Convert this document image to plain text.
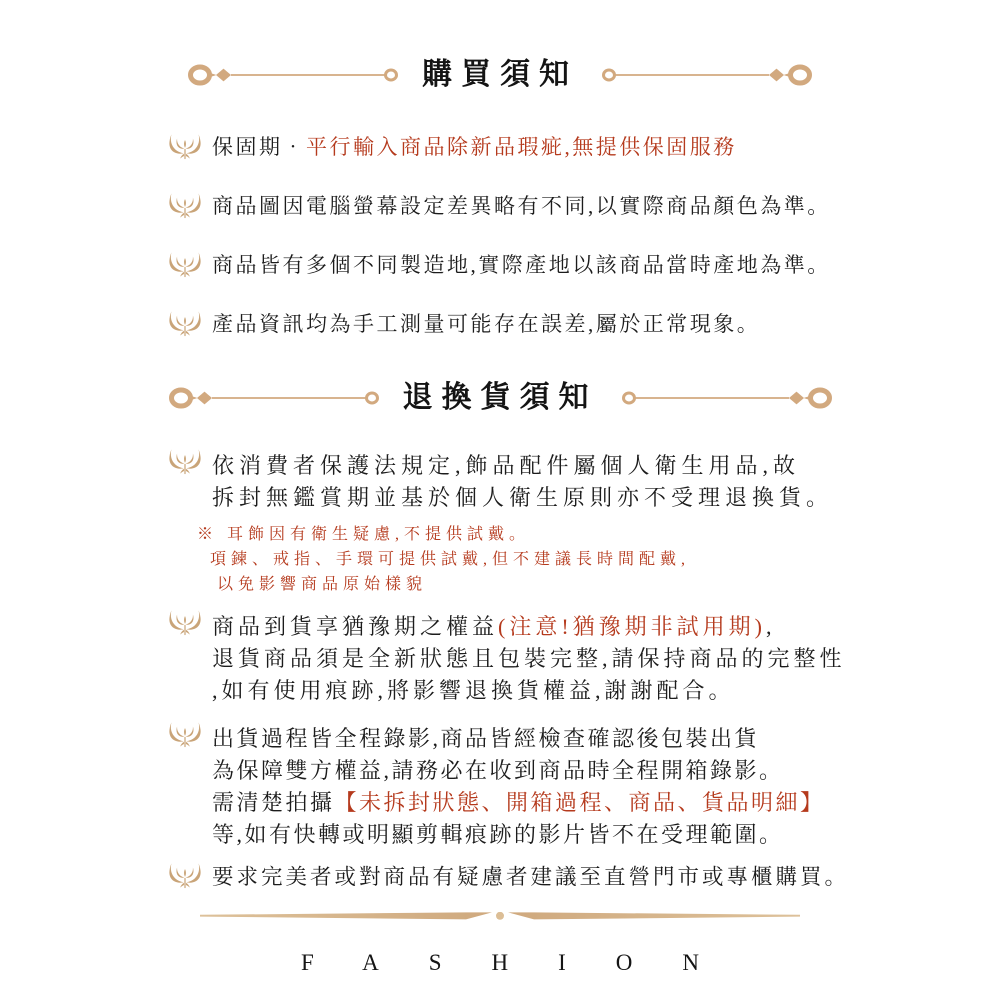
購買須知
保固期‧平行輸入商品除新品瑕疵,無提供保固服務
商品圖因電腦螢幕設定差異略有不同,以實際商品顏色為準。
商品皆有多個不同製造地,實際產地以該商品當時產地為準。
產品資訊均為手工測量可能存在誤差,屬於正常現象。
退換貨須知
依消費者保護法規定,飾品配件屬個人衛生用品,故
拆封無鑑賞期並基於個人衛生原則亦不受理退換貨。
※ 耳飾因有衛生疑慮,不提供試戴。
項鍊、戒指、手環可提供試戴,但不建議長時間配戴,
以免影響商品原始樣貌
商品到貨享猶豫期之權益(注意!猶豫期非試用期),
退貨商品須是全新狀態且包裝完整,請保持商品的完整性
,如有使用痕跡,將影響退換貨權益,謝謝配合。
出貨過程皆全程錄影,商品皆經檢查確認後包裝出貨
為保障雙方權益,請務必在收到商品時全程開箱錄影。
需清楚拍攝【未拆封狀態、開箱過程、商品、貨品明細】
等,如有快轉或明顯剪輯痕跡的影片皆不在受理範圍。
要求完美者或對商品有疑慮者建議至直營門市或專櫃購買。
FASHION
